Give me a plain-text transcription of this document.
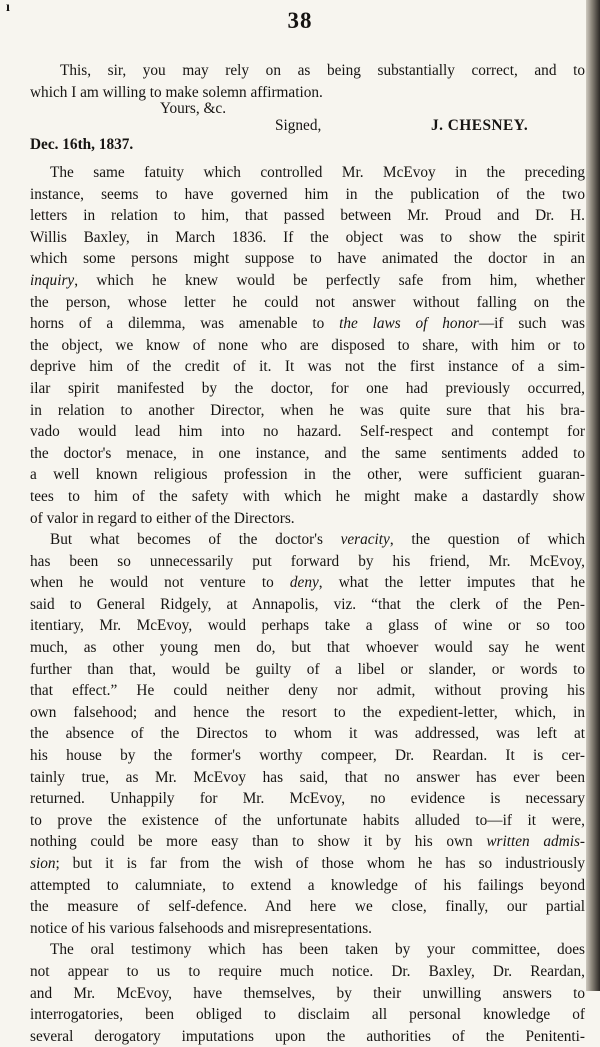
ı
38
This, sir, you may rely on as being substantially correct, and to
which I am willing to make solemn affirmation.
Yours, &c.
Signed,	J. CHESNEY.
Dec. 16th, 1837.
The same fatuity which controlled Mr. McEvoy in the preceding
instance, seems to have governed him in the publication of the two
letters in relation to him, that passed between Mr. Proud and Dr. H.
Willis Baxley, in March 1836. If the object was to show the spirit
which some persons might suppose to have animated the doctor in an
inquiry, which he knew would be perfectly safe from him, whether
the person, whose letter he could not answer without falling on the
horns of a dilemma, was amenable to the laws of honor—if such was
the object, we know of none who are disposed to share, with him or to
deprive him of the credit of it. It was not the first instance of a sim-
ilar spirit manifested by the doctor, for one had previously occurred,
in relation to another Director, when he was quite sure that his bra-
vado would lead him into no hazard. Self-respect and contempt for
the doctor's menace, in one instance, and the same sentiments added to
a well known religious profession in the other, were sufficient guaran-
tees to him of the safety with which he might make a dastardly show
of valor in regard to either of the Directors.
But what becomes of the doctor's veracity, the question of which
has been so unnecessarily put forward by his friend, Mr. McEvoy,
when he would not venture to deny, what the letter imputes that he
said to General Ridgely, at Annapolis, viz. “that the clerk of the Pen-
itentiary, Mr. McEvoy, would perhaps take a glass of wine or so too
much, as other young men do, but that whoever would say he went
further than that, would be guilty of a libel or slander, or words to
that effect.” He could neither deny nor admit, without proving his
own falsehood; and hence the resort to the expedient-letter, which, in
the absence of the Directos to whom it was addressed, was left at
his house by the former's worthy compeer, Dr. Reardan. It is cer-
tainly true, as Mr. McEvoy has said, that no answer has ever been
returned. Unhappily for Mr. McEvoy, no evidence is necessary
to prove the existence of the unfortunate habits alluded to—if it were,
nothing could be more easy than to show it by his own written admis-
sion; but it is far from the wish of those whom he has so industriously
attempted to calumniate, to extend a knowledge of his failings beyond
the measure of self-defence. And here we close, finally, our partial
notice of his various falsehoods and misrepresentations.
The oral testimony which has been taken by your committee, does
not appear to us to require much notice. Dr. Baxley, Dr. Reardan,
and Mr. McEvoy, have themselves, by their unwilling answers to
interrogatories, been obliged to disclaim all personal knowledge of
several derogatory imputations upon the authorities of the Penitenti-
